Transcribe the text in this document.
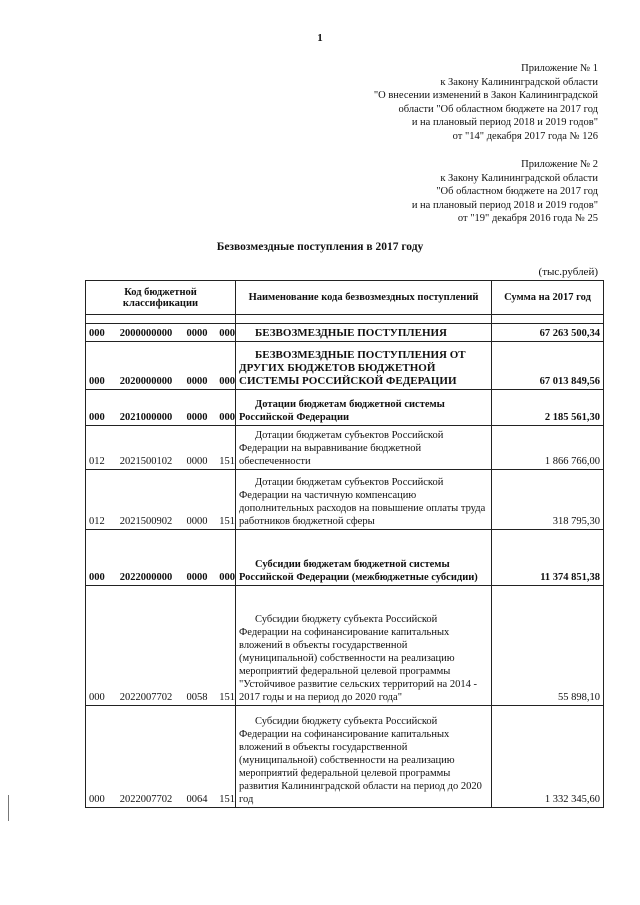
1
Приложение № 1
к Закону Калининградской области
"О внесении изменений в Закон Калининградской
области "Об областном бюджете на 2017 год
и на плановый период 2018 и 2019 годов"
от "14" декабря 2017 года № 126
Приложение № 2
к Закону Калининградской области
"Об областном бюджете на 2017 год
и на плановый период 2018 и 2019 годов"
от "19" декабря 2016 года № 25
Безвозмездные поступления в 2017 году
(тыс.рублей)
Код бюджетной классификации	Наименование кода безвозмездных поступлений	Сумма на 2017 год

000 2000000000 0000 000	БЕЗВОЗМЕЗДНЫЕ ПОСТУПЛЕНИЯ	67 263 500,34
000 2020000000 0000 000	БЕЗВОЗМЕЗДНЫЕ ПОСТУПЛЕНИЯ ОТ ДРУГИХ БЮДЖЕТОВ БЮДЖЕТНОЙ СИСТЕМЫ РОССИЙСКОЙ ФЕДЕРАЦИИ	67 013 849,56
000 2021000000 0000 000	Дотации бюджетам бюджетной системы Российской Федерации	2 185 561,30
012 2021500102 0000 151	Дотации бюджетам субъектов Российской Федерации на выравнивание бюджетной обеспеченности	1 866 766,00
012 2021500902 0000 151	Дотации бюджетам субъектов Российской Федерации на частичную компенсацию дополнительных расходов на повышение оплаты труда работников бюджетной сферы	318 795,30
000 2022000000 0000 000	Субсидии бюджетам бюджетной системы Российской Федерации (межбюджетные субсидии)	11 374 851,38
000 2022007702 0058 151	Субсидии бюджету субъекта Российской Федерации на софинансирование капитальных вложений в объекты государственной (муниципальной) собственности на реализацию мероприятий федеральной целевой программы "Устойчивое развитие сельских территорий на 2014 - 2017 годы и на период до 2020 года"	55 898,10
000 2022007702 0064 151	Субсидии бюджету субъекта Российской Федерации на софинансирование капитальных вложений в объекты государственной (муниципальной) собственности на реализацию мероприятий федеральной целевой программы развития Калининградской области на период до 2020 год	1 332 345,60
